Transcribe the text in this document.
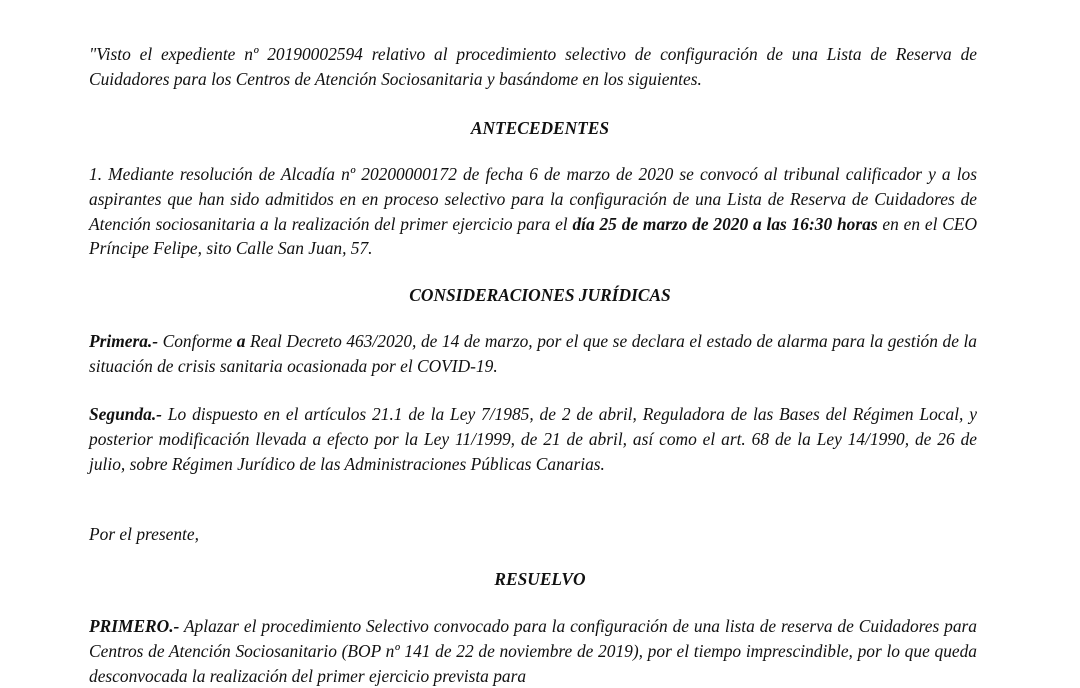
"Visto el expediente nº 20190002594 relativo al procedimiento selectivo de configuración de una Lista de Reserva de Cuidadores para los Centros de Atención Sociosanitaria y basándome en los siguientes.

ANTECEDENTES

1. Mediante resolución de Alcadía nº 20200000172 de fecha 6 de marzo de 2020 se convocó al tribunal calificador y a los aspirantes que han sido admitidos en en proceso selectivo para la configuración de una Lista de Reserva de Cuidadores de Atención sociosanitaria a la realización del primer ejercicio para el día 25 de marzo de 2020 a las 16:30 horas en en el CEO Príncipe Felipe, sito Calle San Juan, 57.

CONSIDERACIONES JURÍDICAS

Primera.- Conforme a Real Decreto 463/2020, de 14 de marzo, por el que se declara el estado de alarma para la gestión de la situación de crisis sanitaria ocasionada por el COVID-19.

Segunda.- Lo dispuesto en el artículos 21.1 de la Ley 7/1985, de 2 de abril, Reguladora de las Bases del Régimen Local, y posterior modificación llevada a efecto por la Ley 11/1999, de 21 de abril, así como el art. 68 de la Ley 14/1990, de 26 de julio, sobre Régimen Jurídico de las Administraciones Públicas Canarias.

Por el presente,

RESUELVO

PRIMERO.- Aplazar el procedimiento Selectivo convocado para la configuración de una lista de reserva de Cuidadores para Centros de Atención Sociosanitario (BOP nº 141 de 22 de noviembre de 2019), por el tiempo imprescindible, por lo que queda desconvocada la realización del primer ejercicio prevista para
